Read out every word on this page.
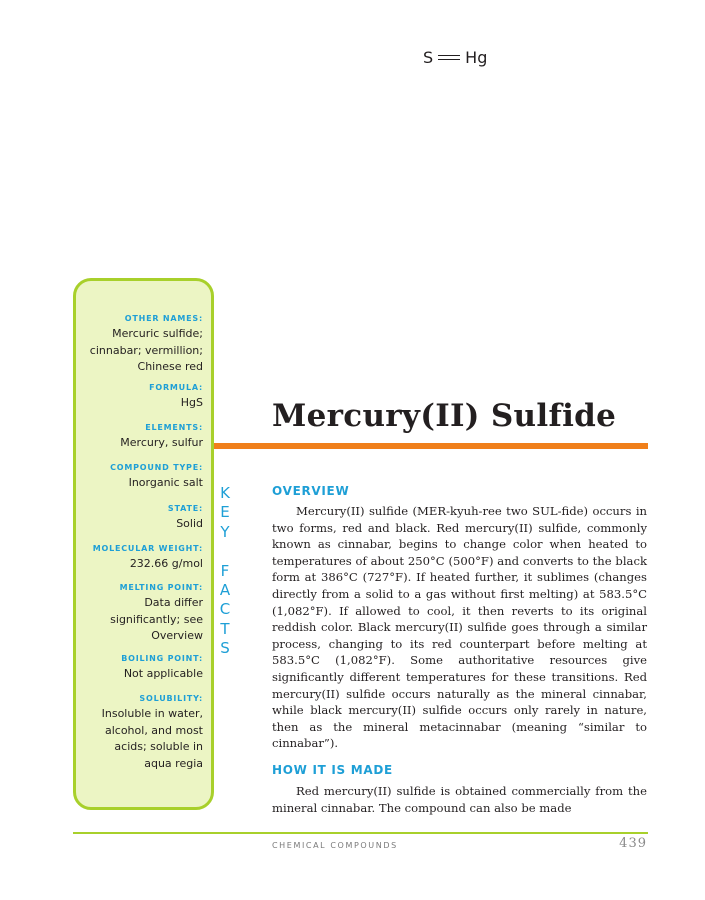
S Hg
OTHER NAMES:
Mercuric sulfide;
cinnabar; vermillion;
Chinese red
FORMULA:
HgS
ELEMENTS:
Mercury, sulfur
COMPOUND TYPE:
Inorganic salt
STATE:
Solid
MOLECULAR WEIGHT:
232.66 g/mol
MELTING POINT:
Data differ
significantly; see
Overview
BOILING POINT:
Not applicable
SOLUBILITY:
Insoluble in water,
alcohol, and most
acids; soluble in
aqua regia
K
E
Y

F
A
C
T
S
Mercury(II) Sulfide
OVERVIEW

Mercury(II) sulfide (MER-kyuh-ree two SUL-fide) occurs in two forms, red and black. Red mercury(II) sulfide, commonly known as cinnabar, begins to change color when heated to temperatures of about 250°C (500°F) and converts to the black form at 386°C (727°F). If heated further, it sublimes (changes directly from a solid to a gas without first melting) at 583.5°C (1,082°F). If allowed to cool, it then reverts to its original reddish color. Black mercury(II) sulfide goes through a similar process, changing to its red counterpart before melting at 583.5°C (1,082°F). Some authoritative resources give significantly different temperatures for these transitions. Red mercury(II) sulfide occurs naturally as the mineral cinnabar, while black mercury(II) sulfide occurs only rarely in nature, then as the mineral metacinnabar (meaning “similar to cinnabar”).

HOW IT IS MADE

Red mercury(II) sulfide is obtained commercially from the mineral cinnabar. The compound can also be made

CHEMICAL COMPOUNDS	439
